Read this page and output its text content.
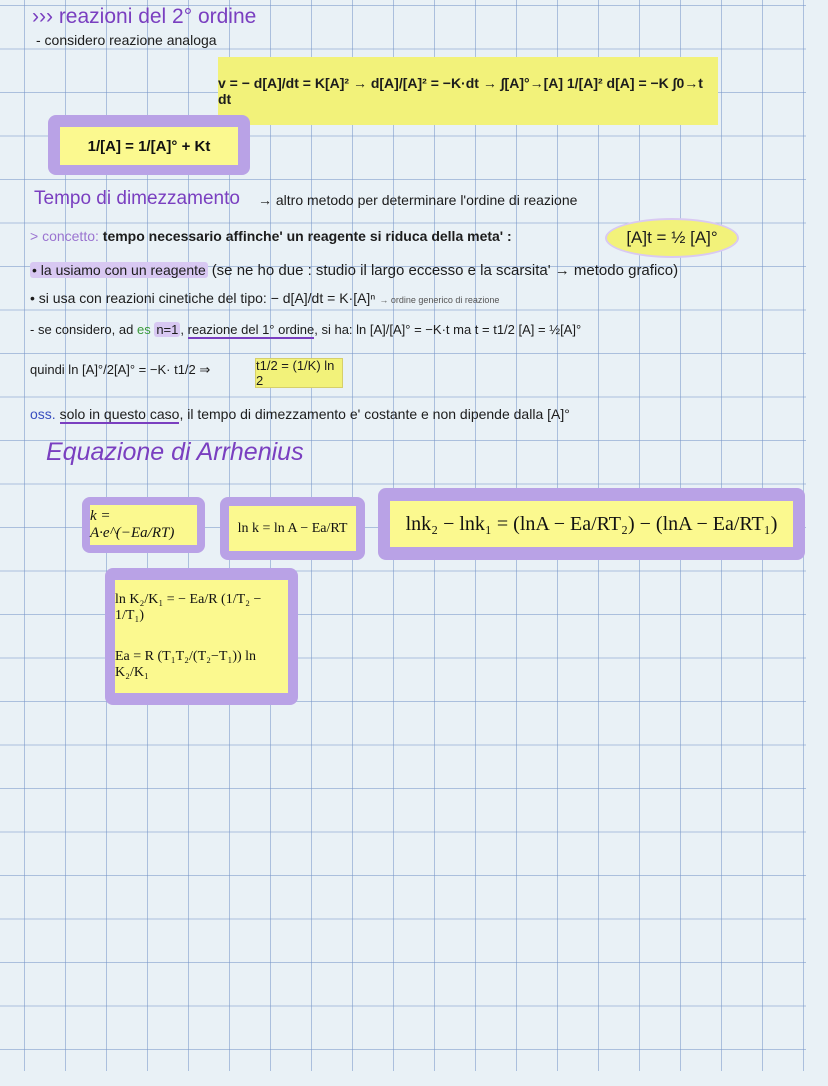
››› reazioni del 2° ordine
- considero reazione analoga
v = − d[A]/dt = K[A]² → d[A]/[A]² = −K·dt → ∫[A]°→[A] 1/[A]² d[A] = −K ∫0→t dt
1/[A] = 1/[A]° + Kt
Tempo di dimezzamento → altro metodo per determinare l'ordine di reazione
> concetto: tempo necessario affinche' un reagente si riduca della meta' :	[A]t = ½ [A]°
• la usiamo con un reagente (se ne ho due : studio il largo eccesso e la scarsita' → metodo grafico)
• si usa con reazioni cinetiche del tipo: − d[A]/dt = K·[A]ⁿ → ordine generico di reazione
- se considero, ad es n=1 , reazione del 1° ordine, si ha: ln [A]/[A]° = −K·t ma t = t1/2 [A] = ½[A]°
quindi ln [A]°/2[A]° = −K· t1/2 ⇒	t1/2 = (1/K) ln 2
oss. solo in questo caso, il tempo di dimezzamento e' costante e non dipende dalla [A]°
Equazione di Arrhenius
k = A·e^(−Ea/RT)	ln k = ln A − Ea/RT	lnk₂ − lnk₁ = (lnA − Ea/RT₂) − (lnA − Ea/RT₁)
ln K₂/K₁ = − Ea/R (1/T₂ − 1/T₁)
Ea = R (T₁T₂/(T₂−T₁)) ln K₂/K₁
